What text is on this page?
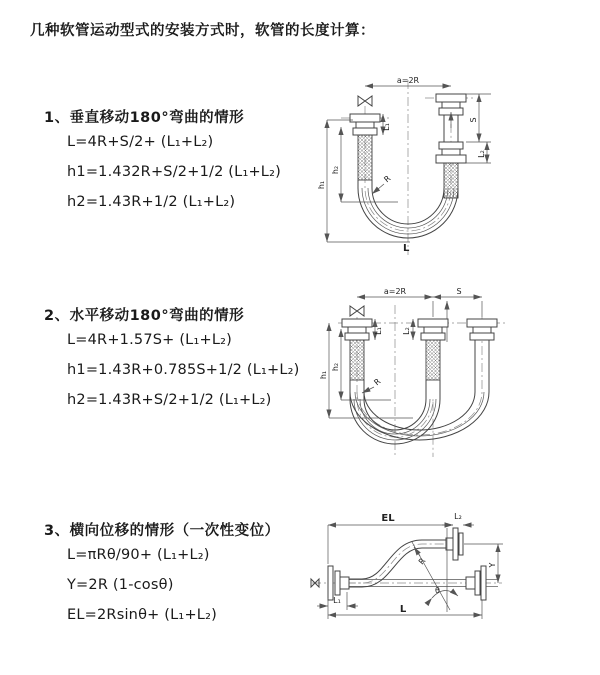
几种软管运动型式的安装方式时，软管的长度计算：
1、垂直移动180°弯曲的情形
L=4R+S/2+ (L₁+L₂)
h1=1.432R+S/2+1/2 (L₁+L₂)
h2=1.43R+1/2 (L₁+L₂)
2、水平移动180°弯曲的情形
L=4R+1.57S+ (L₁+L₂)
h1=1.43R+0.785S+1/2 (L₁+L₂)
h2=1.43R+S/2+1/2 (L₁+L₂)
3、横向位移的情形（一次性变位）
L=πRθ/90+ (L₁+L₂)
Y=2R (1-cosθ)
EL=2Rsinθ+ (L₁+L₂)
a=2R
L₁
h₂
h₁
S
L₂
R
L
a=2R	S
h₁
h₂
L₁ L₂
R
EL	L₂
Y
L
L₁
θ
R
